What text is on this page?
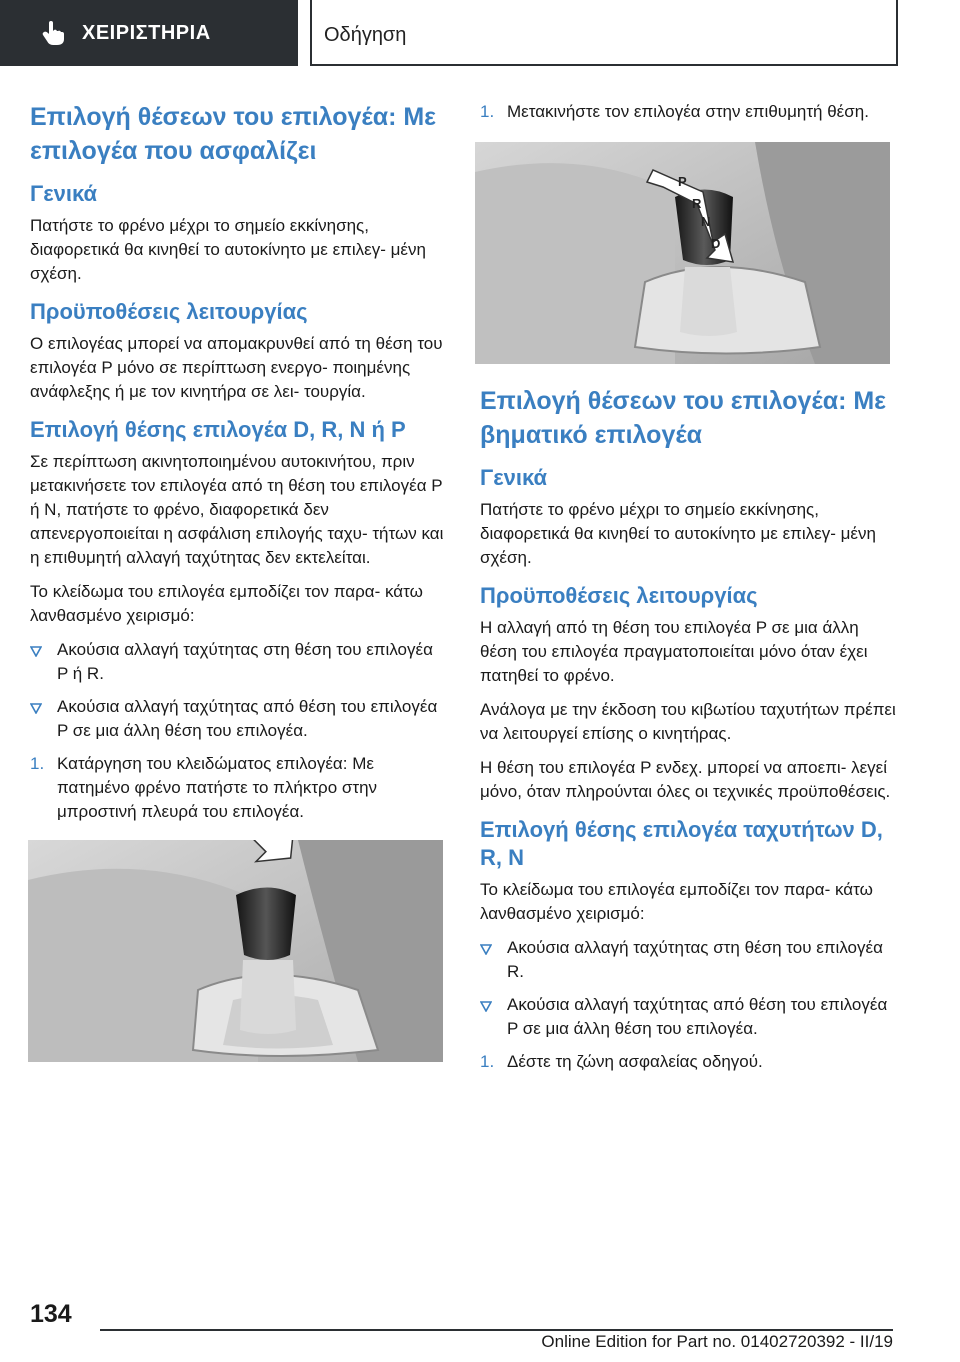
ΧΕΙΡΙΣΤΗΡΙΑ	Οδήγηση
Επιλογή θέσεων του επιλογέα: Με επιλογέα που ασφαλίζει
Γενικά

Πατήστε το φρένο μέχρι το σημείο εκκίνησης, διαφορετικά θα κινηθεί το αυτοκίνητο με επιλεγ- μένη σχέση.

Προϋποθέσεις λειτουργίας

Ο επιλογέας μπορεί να απομακρυνθεί από τη θέση του επιλογέα P μόνο σε περίπτωση ενεργο- ποιημένης ανάφλεξης ή με τον κινητήρα σε λει- τουργία.

Επιλογή θέσης επιλογέα D, R, N ή P

Σε περίπτωση ακινητοποιημένου αυτοκινήτου, πριν μετακινήσετε τον επιλογέα από τη θέση του επιλογέα P ή N, πατήστε το φρένο, διαφορετικά δεν απενεργοποιείται η ασφάλιση επιλογής ταχυ- τήτων και η επιθυμητή αλλαγή ταχύτητας δεν εκτελείται.

Το κλείδωμα του επιλογέα εμποδίζει τον παρα- κάτω λανθασμένο χειρισμό:

Ακούσια αλλαγή ταχύτητας στη θέση του επιλογέα P ή R.
Ακούσια αλλαγή ταχύτητας από θέση του επιλογέα P σε μια άλλη θέση του επιλογέα.
1. Κατάργηση του κλειδώματος επιλογέα: Με πατημένο φρένο πατήστε το πλήκτρο στην μπροστινή πλευρά του επιλογέα.
1. Μετακινήστε τον επιλογέα στην επιθυμητή θέση.
P
R
N
D
Επιλογή θέσεων του επιλογέα: Με βηματικό επιλογέα
Γενικά

Πατήστε το φρένο μέχρι το σημείο εκκίνησης, διαφορετικά θα κινηθεί το αυτοκίνητο με επιλεγ- μένη σχέση.

Προϋποθέσεις λειτουργίας

Η αλλαγή από τη θέση του επιλογέα P σε μια άλλη θέση του επιλογέα πραγματοποιείται μόνο όταν έχει πατηθεί το φρένο.

Ανάλογα με την έκδοση του κιβωτίου ταχυτήτων πρέπει να λειτουργεί επίσης ο κινητήρας.

Η θέση του επιλογέα P ενδεχ. μπορεί να αποεπι- λεγεί μόνο, όταν πληρούνται όλες οι τεχνικές προϋποθέσεις.

Επιλογή θέσης επιλογέα ταχυτήτων D, R, N

Το κλείδωμα του επιλογέα εμποδίζει τον παρα- κάτω λανθασμένο χειρισμό:

Ακούσια αλλαγή ταχύτητας στη θέση του επιλογέα R.
Ακούσια αλλαγή ταχύτητας από θέση του επιλογέα P σε μια άλλη θέση του επιλογέα.
1. Δέστε τη ζώνη ασφαλείας οδηγού.
134
Online Edition for Part no. 01402720392 - II/19
